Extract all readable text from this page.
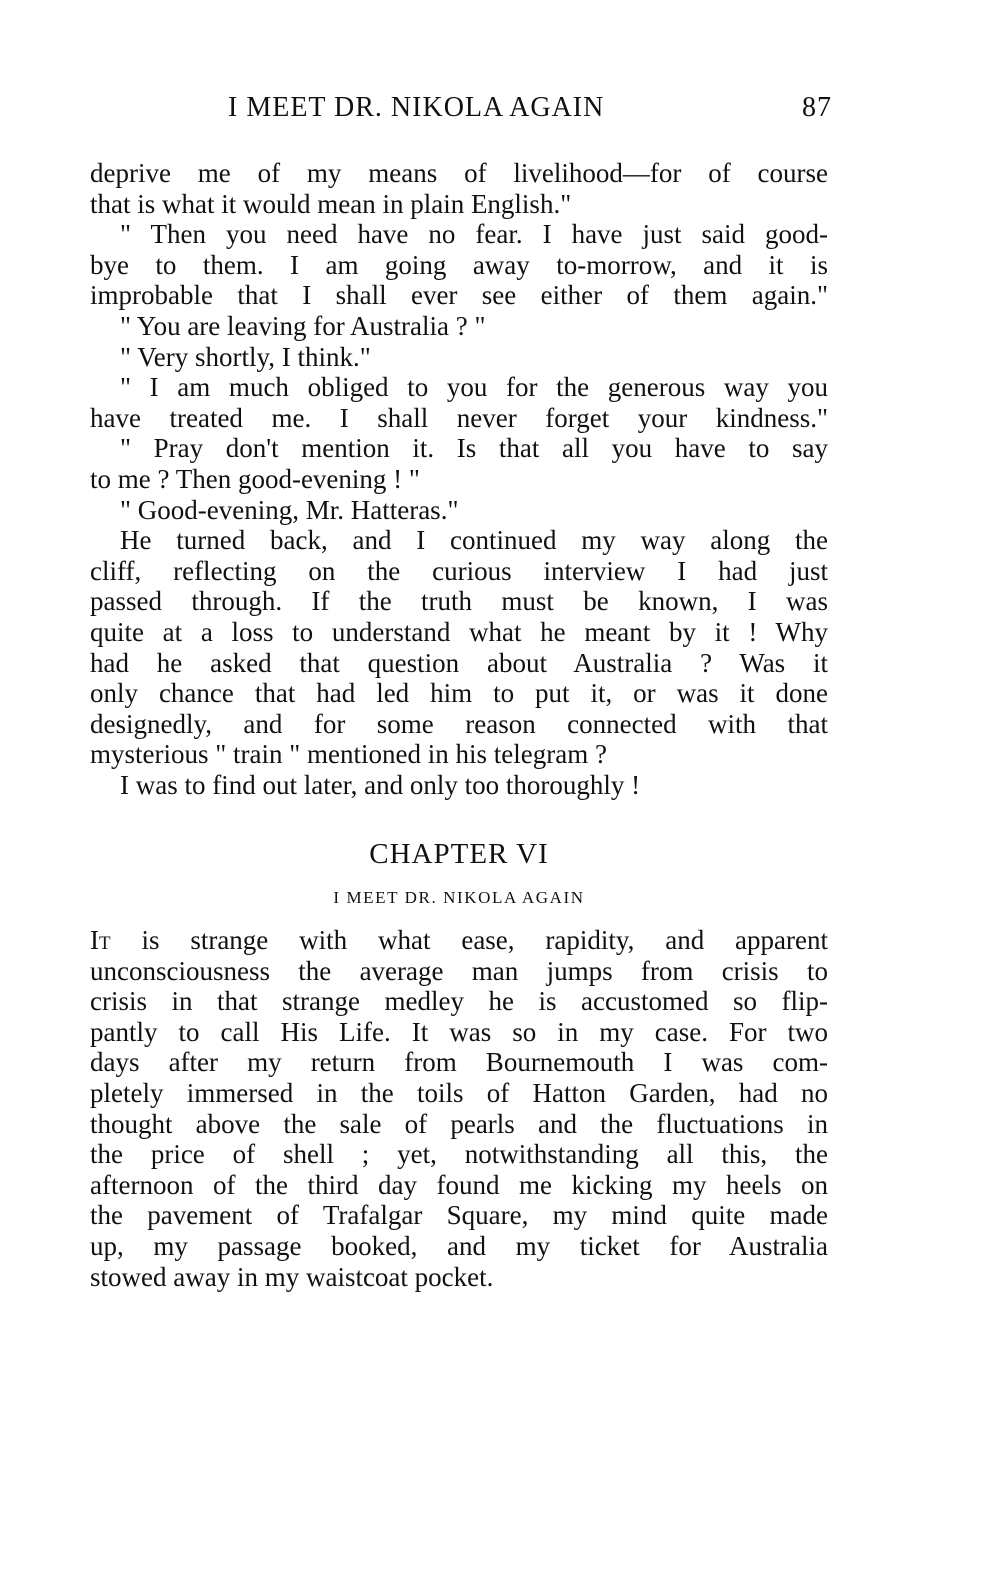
I MEET DR. NIKOLA AGAIN	87
deprive me of my means of livelihood—for of course
that is what it would mean in plain English."
" Then you need have no fear. I have just said good-
bye to them. I am going away to-morrow, and it is
improbable that I shall ever see either of them again."
" You are leaving for Australia ? "
" Very shortly, I think."
" I am much obliged to you for the generous way you
have treated me. I shall never forget your kindness."
" Pray don't mention it. Is that all you have to say
to me ? Then good-evening ! "
" Good-evening, Mr. Hatteras."
He turned back, and I continued my way along the
cliff, reflecting on the curious interview I had just
passed through. If the truth must be known, I was
quite at a loss to understand what he meant by it ! Why
had he asked that question about Australia ? Was it
only chance that had led him to put it, or was it done
designedly, and for some reason connected with that
mysterious " train " mentioned in his telegram ?
I was to find out later, and only too thoroughly !
CHAPTER VI
I MEET DR. NIKOLA AGAIN
It is strange with what ease, rapidity, and apparent
unconsciousness the average man jumps from crisis to
crisis in that strange medley he is accustomed so flip-
pantly to call His Life. It was so in my case. For two
days after my return from Bournemouth I was com-
pletely immersed in the toils of Hatton Garden, had no
thought above the sale of pearls and the fluctuations in
the price of shell ; yet, notwithstanding all this, the
afternoon of the third day found me kicking my heels on
the pavement of Trafalgar Square, my mind quite made
up, my passage booked, and my ticket for Australia
stowed away in my waistcoat pocket.
